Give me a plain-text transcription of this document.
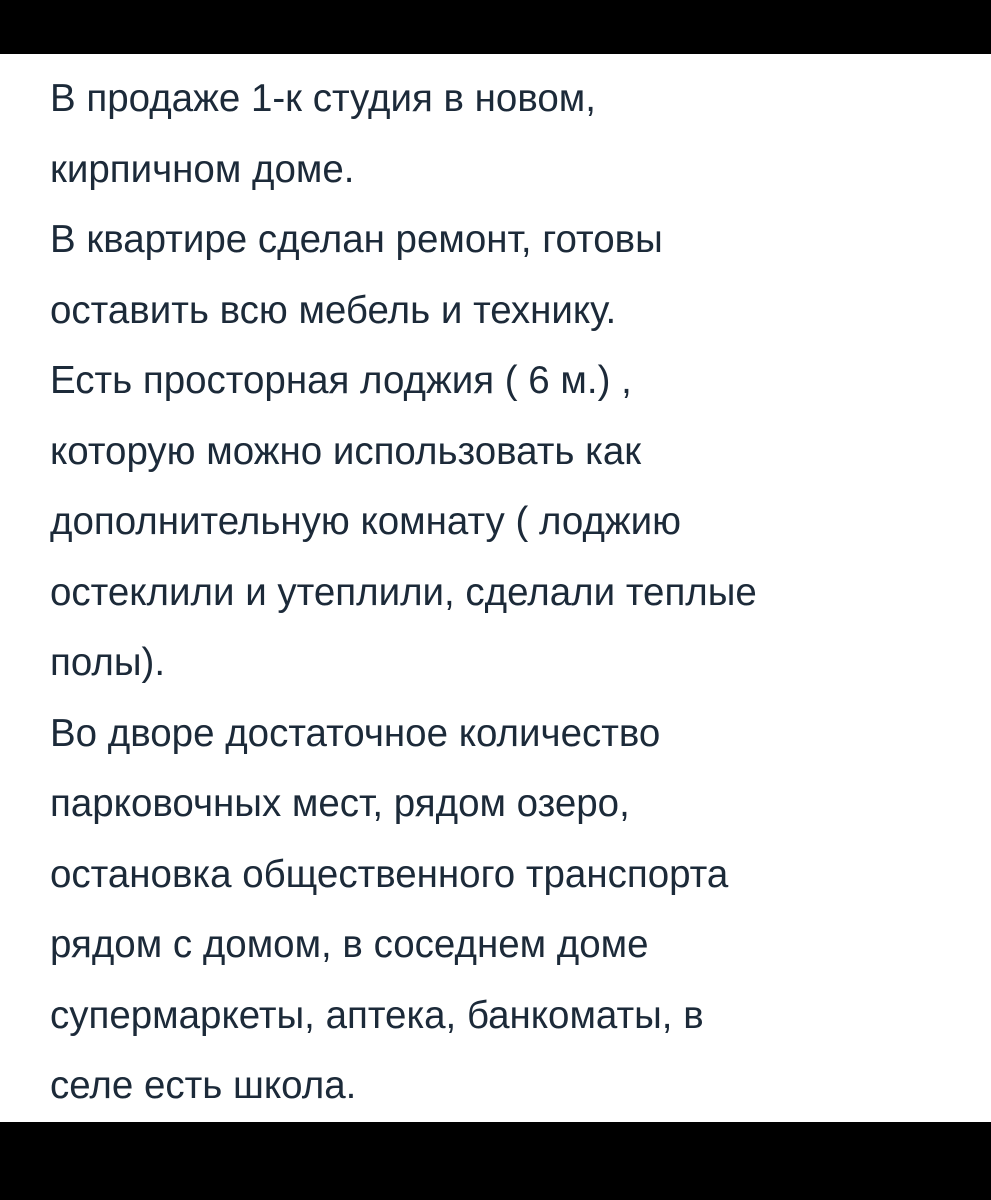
В продаже 1-к студия в новом,
кирпичном доме.
В квартире сделан ремонт, готовы
оставить всю мебель и технику.
Есть просторная лоджия ( 6 м.) ,
которую можно использовать как
дополнительную комнату ( лоджию
остеклили и утеплили, сделали теплые
полы).
Во дворе достаточное количество
парковочных мест, рядом озеро,
остановка общественного транспорта
рядом с домом, в соседнем доме
супермаркеты, аптека, банкоматы, в
селе есть школа.
